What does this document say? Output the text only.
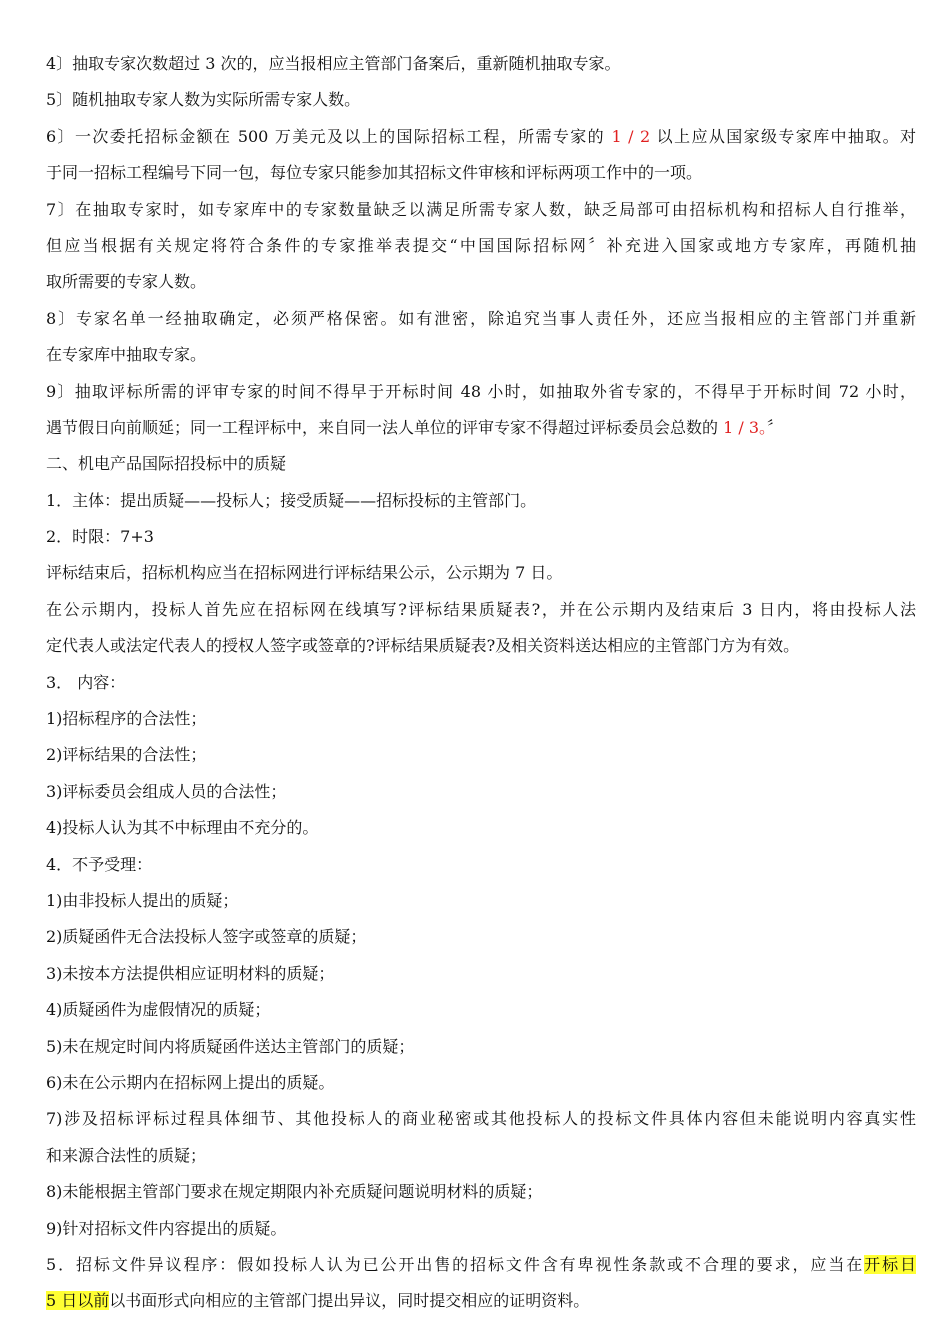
4〕抽取专家次数超过 3 次的，应当报相应主管部门备案后，重新随机抽取专家。
5〕随机抽取专家人数为实际所需专家人数。
6〕一次委托招标金额在 500 万美元及以上的国际招标工程，所需专家的 1 / 2 以上应从国家级专家库中抽取。对
于同一招标工程编号下同一包，每位专家只能参加其招标文件审核和评标两项工作中的一项。
7〕在抽取专家时，如专家库中的专家数量缺乏以满足所需专家人数，缺乏局部可由招标机构和招标人自行推举，
但应当根据有关规定将符合条件的专家推举表提交“中国国际招标网〞补充进入国家或地方专家库，再随机抽
取所需要的专家人数。
8〕专家名单一经抽取确定，必须严格保密。如有泄密，除追究当事人责任外，还应当报相应的主管部门并重新
在专家库中抽取专家。
9〕抽取评标所需的评审专家的时间不得早于开标时间 48 小时，如抽取外省专家的，不得早于开标时间 72 小时，
遇节假日向前顺延；同一工程评标中，来自同一法人单位的评审专家不得超过评标委员会总数的 1 / 3。〞
二、机电产品国际招投标中的质疑
1．主体：提出质疑——投标人；接受质疑——招标投标的主管部门。
2．时限：7+3
评标结束后，招标机构应当在招标网进行评标结果公示，公示期为 7 日。
在公示期内，投标人首先应在招标网在线填写?评标结果质疑表?，并在公示期内及结束后 3 日内，将由投标人法
定代表人或法定代表人的授权人签字或签章的?评标结果质疑表?及相关资料送达相应的主管部门方为有效。
3． 内容：
1)招标程序的合法性；
2)评标结果的合法性；
3)评标委员会组成人员的合法性；
4)投标人认为其不中标理由不充分的。
4．不予受理：
1)由非投标人提出的质疑；
2)质疑函件无合法投标人签字或签章的质疑；
3)未按本方法提供相应证明材料的质疑；
4)质疑函件为虚假情况的质疑；
5)未在规定时间内将质疑函件送达主管部门的质疑；
6)未在公示期内在招标网上提出的质疑。
7)涉及招标评标过程具体细节、其他投标人的商业秘密或其他投标人的投标文件具体内容但未能说明内容真实性
和来源合法性的质疑；
8)未能根据主管部门要求在规定期限内补充质疑问题说明材料的质疑；
9)针对招标文件内容提出的质疑。
5．招标文件异议程序：假如投标人认为已公开出售的招标文件含有卑视性条款或不合理的要求，应当在开标日
5 日以前以书面形式向相应的主管部门提出异议，同时提交相应的证明资料。
